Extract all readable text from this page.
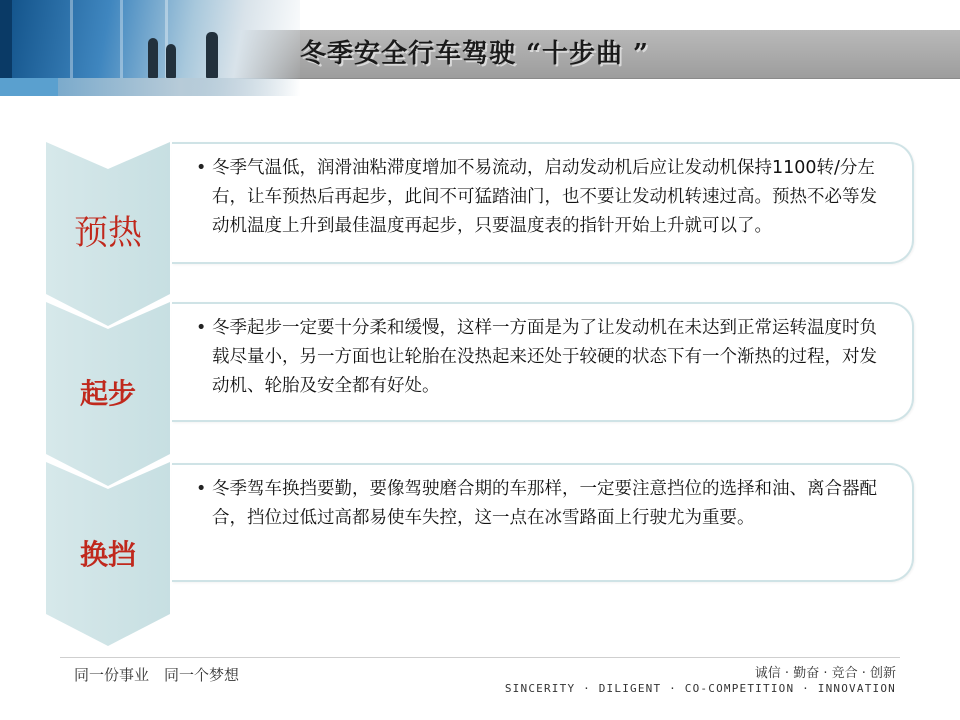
冬季安全行车驾驶 “十步曲 ”
预热
起步
换挡
• 冬季气温低，润滑油粘滞度增加不易流动，启动发动机后应让发动机保持1100转/分左右，让车预热后再起步，此间不可猛踏油门，也不要让发动机转速过高。预热不必等发动机温度上升到最佳温度再起步，只要温度表的指针开始上升就可以了。
• 冬季起步一定要十分柔和缓慢，这样一方面是为了让发动机在未达到正常运转温度时负载尽量小，另一方面也让轮胎在没热起来还处于较硬的状态下有一个渐热的过程，对发动机、轮胎及安全都有好处。
• 冬季驾车换挡要勤，要像驾驶磨合期的车那样，一定要注意挡位的选择和油、离合器配合，挡位过低过高都易使车失控，这一点在冰雪路面上行驶尤为重要。
同一份事业　同一个梦想	诚信 · 勤奋 · 竞合 · 创新
SINCERITY · DILIGENT · CO-COMPETITION · INNOVATION
